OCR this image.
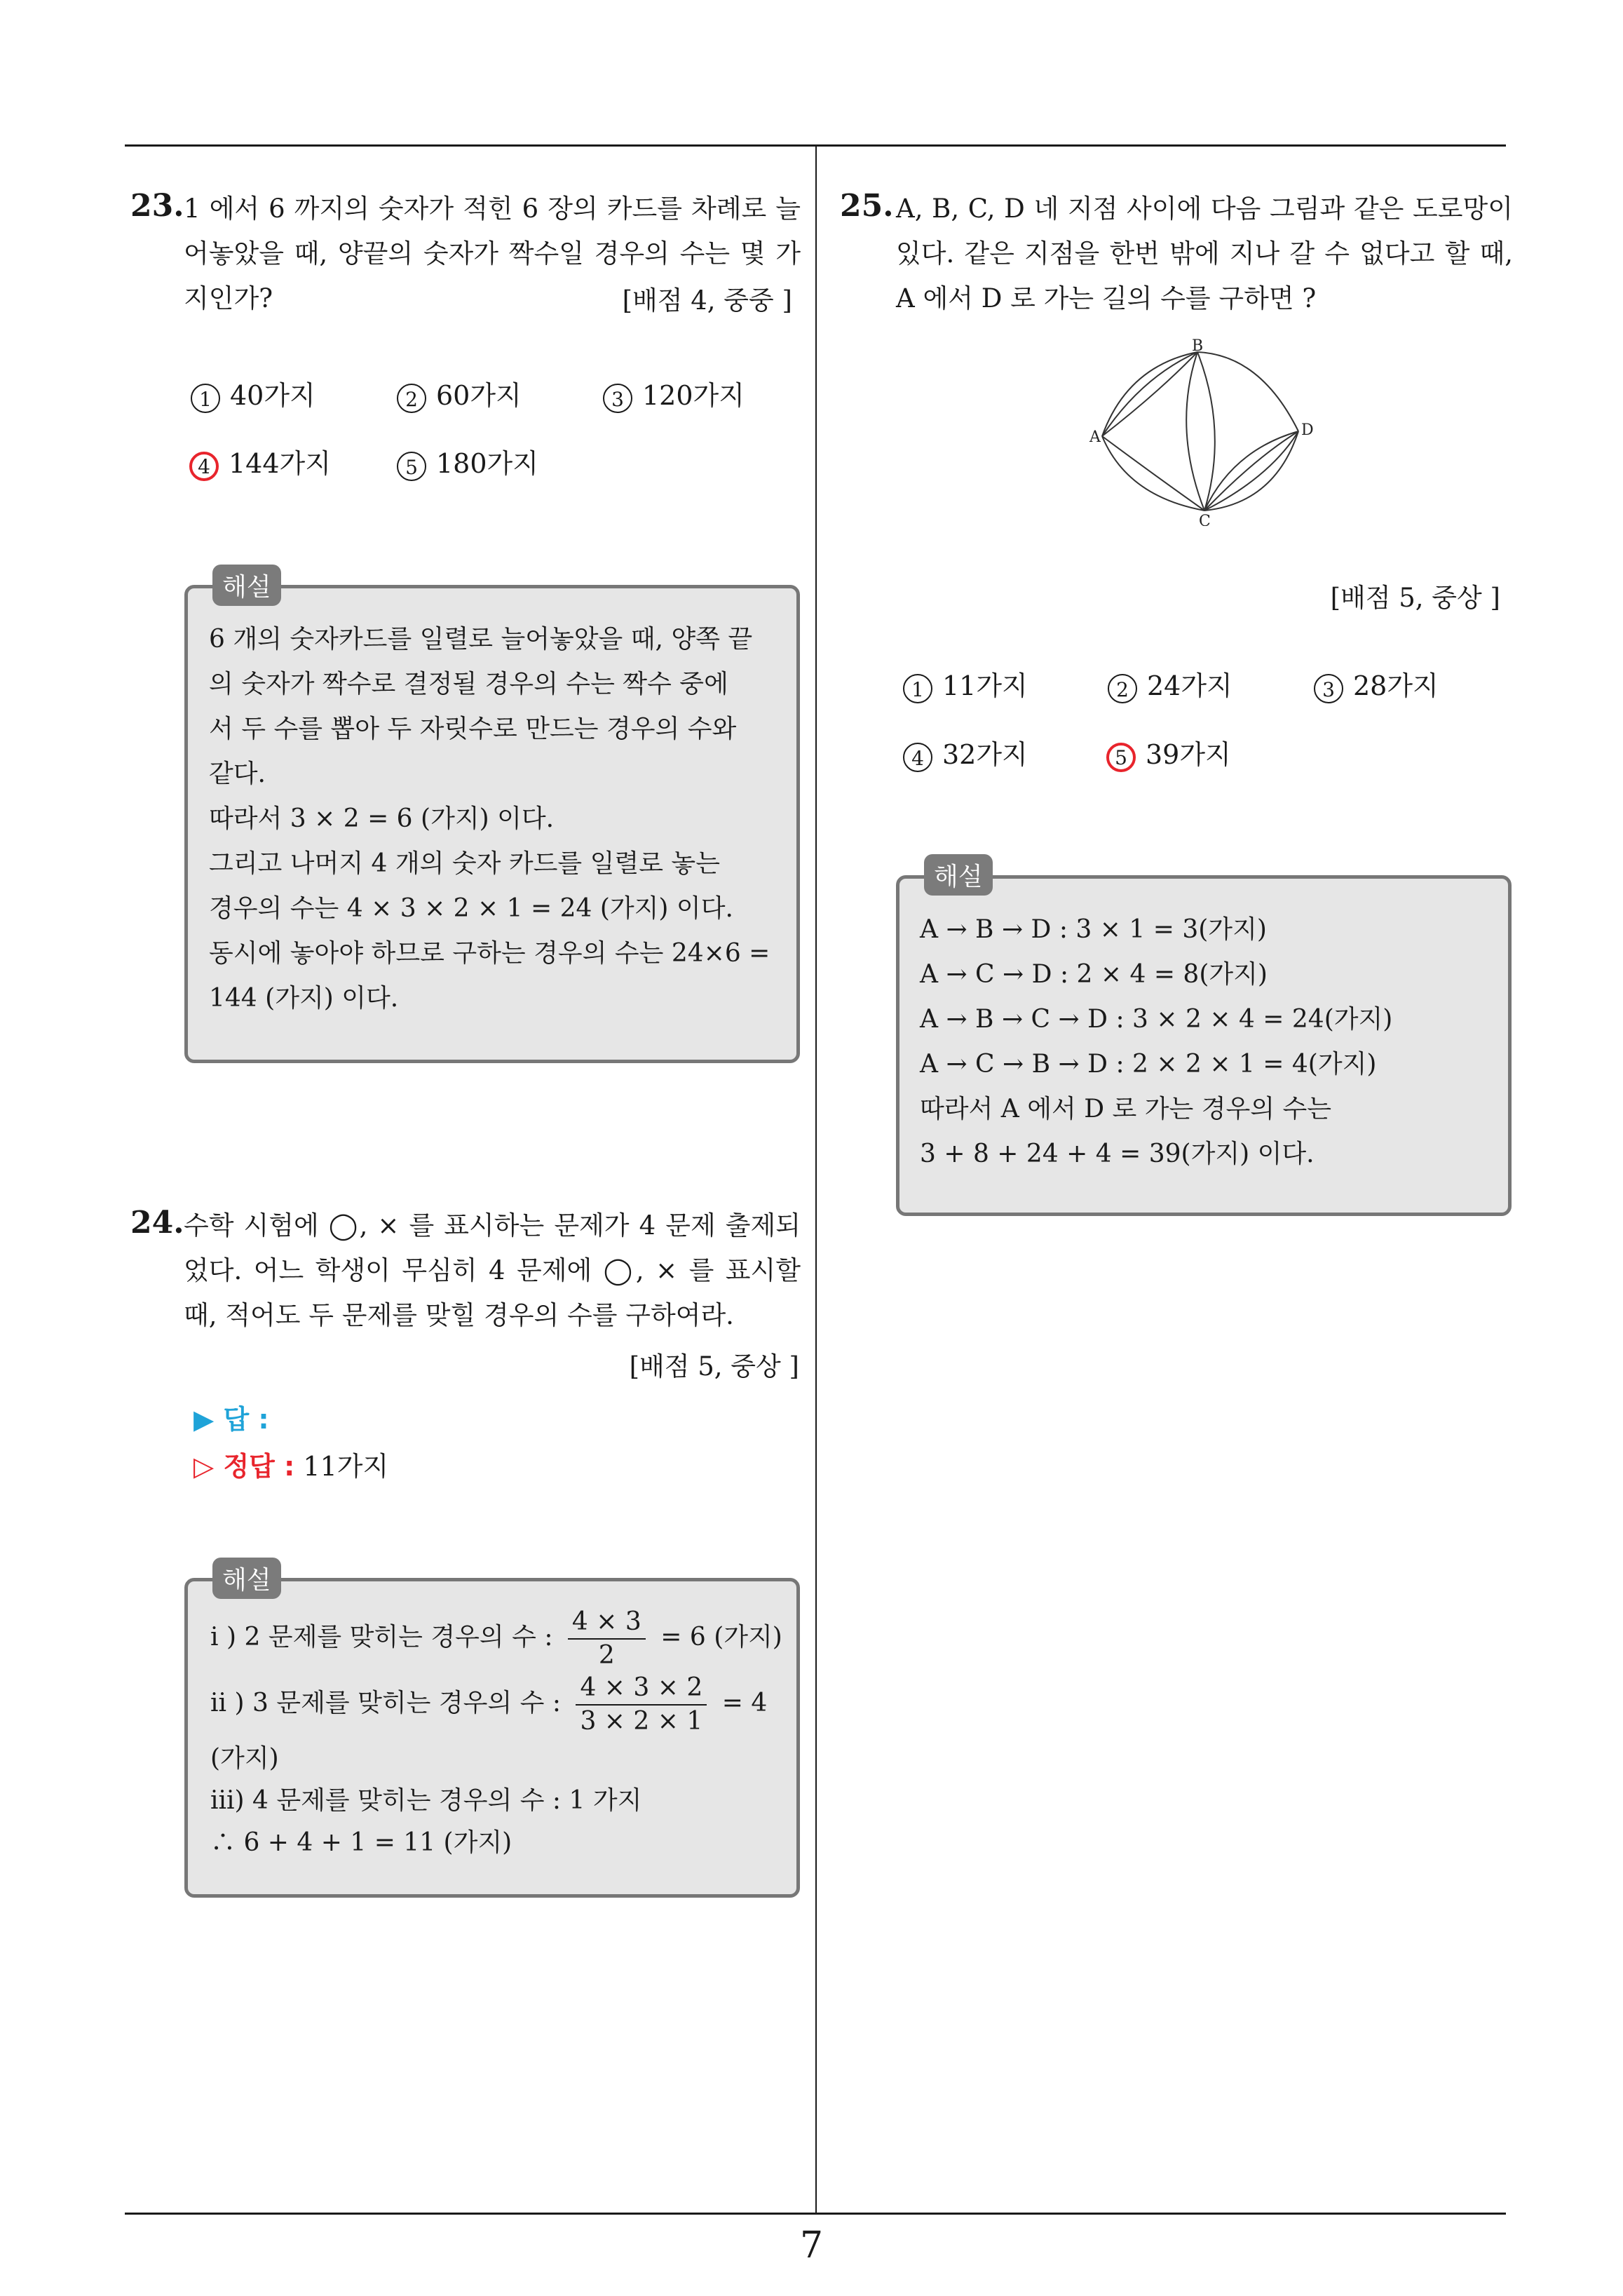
23. 1 에서 6 까지의 숫자가 적힌 6 장의 카드를 차례로 늘어놓았을 때, 양끝의 숫자가 짝수일 경우의 수는 몇 가지인가?	[배점 4, 중중 ]
1 40가지	2 60가지	3 120가지
4 144가지	5 180가지
해설
6 개의 숫자카드를 일렬로 늘어놓았을 때, 양쪽 끝
의 숫자가 짝수로 결정될 경우의 수는 짝수 중에
서 두 수를 뽑아 두 자릿수로 만드는 경우의 수와
같다.
따라서 3 × 2 = 6 (가지) 이다.
그리고 나머지 4 개의 숫자 카드를 일렬로 놓는
경우의 수는 4 × 3 × 2 × 1 = 24 (가지) 이다.
동시에 놓아야 하므로 구하는 경우의 수는 24×6 =
144 (가지) 이다.
24. 수학 시험에 ◯, × 를 표시하는 문제가 4 문제 출제되었다. 어느 학생이 무심히 4 문제에 ◯, × 를 표시할 때, 적어도 두 문제를 맞힐 경우의 수를 구하여라.
[배점 5, 중상 ]
▶ 답 :
▷ 정답 : 11가지
해설
i ) 2 문제를 맞히는 경우의 수 : $\frac{4 \times 3}{2} = 6$ (가지)
ii ) 3 문제를 맞히는 경우의 수 : $\frac{4 \times 3 \times 2}{3 \times 2 \times 1} = 4$
(가지)
iii) 4 문제를 맞히는 경우의 수 : 1 가지
∴ 6 + 4 + 1 = 11 (가지)
25. A, B, C, D 네 지점 사이에 다음 그림과 같은 도로망이 있다. 같은 지점을 한번 밖에 지나 갈 수 없다고 할 때, A 에서 D 로 가는 길의 수를 구하면 ?
A
B
C
D
[배점 5, 중상 ]
1 11가지	2 24가지	3 28가지
4 32가지	5 39가지
해설
A → B → D : 3 × 1 = 3(가지)
A → C → D : 2 × 4 = 8(가지)
A → B → C → D : 3 × 2 × 4 = 24(가지)
A → C → B → D : 2 × 2 × 1 = 4(가지)
따라서 A 에서 D 로 가는 경우의 수는
3 + 8 + 24 + 4 = 39(가지) 이다.
7
